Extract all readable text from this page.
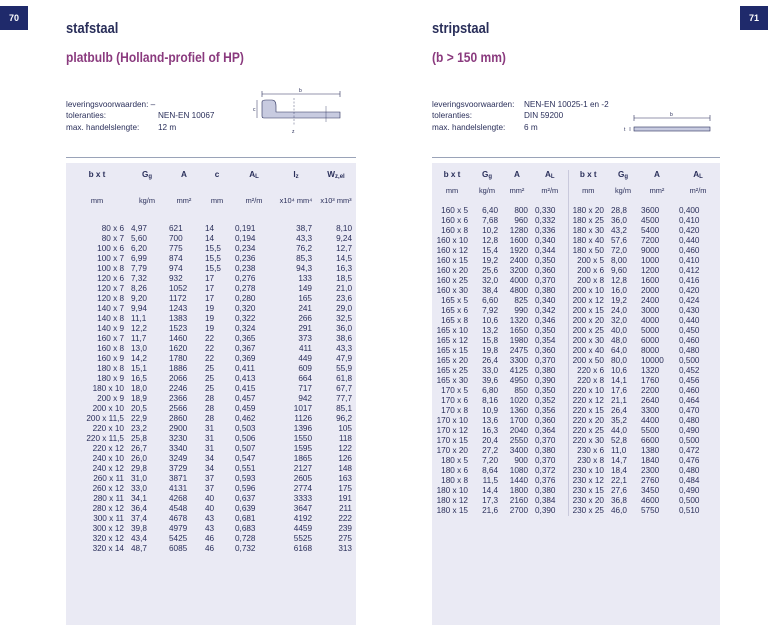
70
stafstaal
platbulb (Holland-profiel of HP)
leveringsvoorwaarden: –
toleranties:	NEN-EN 10067
max. handelslengte:	12 m
b
c
z
b x t	$G_g$	A	c	$A_L$	$I_z$	$W_{z,el}$
mm	kg/m	mm²	mm	m²/m	x10⁴ mm⁴	x10³ mm³
80 x 6	4,97	621	14	0,191	38,7	8,10
80 x 7	5,60	700	14	0,194	43,3	9,24
100 x 6	6,20	775	15,5	0,234	76,2	12,7
100 x 7	6,99	874	15,5	0,236	85,3	14,5
100 x 8	7,79	974	15,5	0,238	94,3	16,3
120 x 6	7,32	932	17	0,276	133	18,5
120 x 7	8,26	1052	17	0,278	149	21,0
120 x 8	9,20	1172	17	0,280	165	23,6
140 x 7	9,94	1243	19	0,320	241	29,0
140 x 8	11,1	1383	19	0,322	266	32,5
140 x 9	12,2	1523	19	0,324	291	36,0
160 x 7	11,7	1460	22	0,365	373	38,6
160 x 8	13,0	1620	22	0,367	411	43,3
160 x 9	14,2	1780	22	0,369	449	47,9
180 x 8	15,1	1886	25	0,411	609	55,9
180 x 9	16,5	2066	25	0,413	664	61,8
180 x 10	18,0	2246	25	0,415	717	67,7
200 x 9	18,9	2366	28	0,457	942	77,7
200 x 10	20,5	2566	28	0,459	1017	85,1
200 x 11,5	22,9	2860	28	0,462	1126	96,2
220 x 10	23,2	2900	31	0,503	1396	105
220 x 11,5	25,8	3230	31	0,506	1550	118
220 x 12	26,7	3340	31	0,507	1595	122
240 x 10	26,0	3249	34	0,547	1865	126
240 x 12	29,8	3729	34	0,551	2127	148
260 x 11	31,0	3871	37	0,593	2605	163
260 x 12	33,0	4131	37	0,596	2774	175
280 x 11	34,1	4268	40	0,637	3333	191
280 x 12	36,4	4548	40	0,639	3647	211
300 x 11	37,4	4678	43	0,681	4192	222
300 x 12	39,8	4979	43	0,683	4459	239
320 x 12	43,4	5425	46	0,728	5525	275
320 x 14	48,7	6085	46	0,732	6168	313
71
stripstaal
(b > 150 mm)
leveringsvoorwaarden:	NEN-EN 10025-1 en -2
toleranties:	DIN 59200
max. handelslengte:	6 m
b
t
b x t	$G_g$	A	$A_L$	b x t	$G_g$	A	$A_L$
mm	kg/m	mm²	m²/m	mm	kg/m	mm²	m²/m
160 x 5	6,40	800	0,330	180 x 20	28,8	3600	0,400
160 x 6	7,68	960	0,332	180 x 25	36,0	4500	0,410
160 x 8	10,2	1280	0,336	180 x 30	43,2	5400	0,420
160 x 10	12,8	1600	0,340	180 x 40	57,6	7200	0,440
160 x 12	15,4	1920	0,344	180 x 50	72,0	9000	0,460
160 x 15	19,2	2400	0,350	200 x 5	8,00	1000	0,410
160 x 20	25,6	3200	0,360	200 x 6	9,60	1200	0,412
160 x 25	32,0	4000	0,370	200 x 8	12,8	1600	0,416
160 x 30	38,4	4800	0,380	200 x 10	16,0	2000	0,420
165 x 5	6,60	825	0,340	200 x 12	19,2	2400	0,424
165 x 6	7,92	990	0,342	200 x 15	24,0	3000	0,430
165 x 8	10,6	1320	0,346	200 x 20	32,0	4000	0,440
165 x 10	13,2	1650	0,350	200 x 25	40,0	5000	0,450
165 x 12	15,8	1980	0,354	200 x 30	48,0	6000	0,460
165 x 15	19,8	2475	0,360	200 x 40	64,0	8000	0,480
165 x 20	26,4	3300	0,370	200 x 50	80,0	10000	0,500
165 x 25	33,0	4125	0,380	220 x 6	10,6	1320	0,452
165 x 30	39,6	4950	0,390	220 x 8	14,1	1760	0,456
170 x 5	6,80	850	0,350	220 x 10	17,6	2200	0,460
170 x 6	8,16	1020	0,352	220 x 12	21,1	2640	0,464
170 x 8	10,9	1360	0,356	220 x 15	26,4	3300	0,470
170 x 10	13,6	1700	0,360	220 x 20	35,2	4400	0,480
170 x 12	16,3	2040	0,364	220 x 25	44,0	5500	0,490
170 x 15	20,4	2550	0,370	220 x 30	52,8	6600	0,500
170 x 20	27,2	3400	0,380	230 x 6	11,0	1380	0,472
180 x 5	7,20	900	0,370	230 x 8	14,7	1840	0,476
180 x 6	8,64	1080	0,372	230 x 10	18,4	2300	0,480
180 x 8	11,5	1440	0,376	230 x 12	22,1	2760	0,484
180 x 10	14,4	1800	0,380	230 x 15	27,6	3450	0,490
180 x 12	17,3	2160	0,384	230 x 20	36,8	4600	0,500
180 x 15	21,6	2700	0,390	230 x 25	46,0	5750	0,510
